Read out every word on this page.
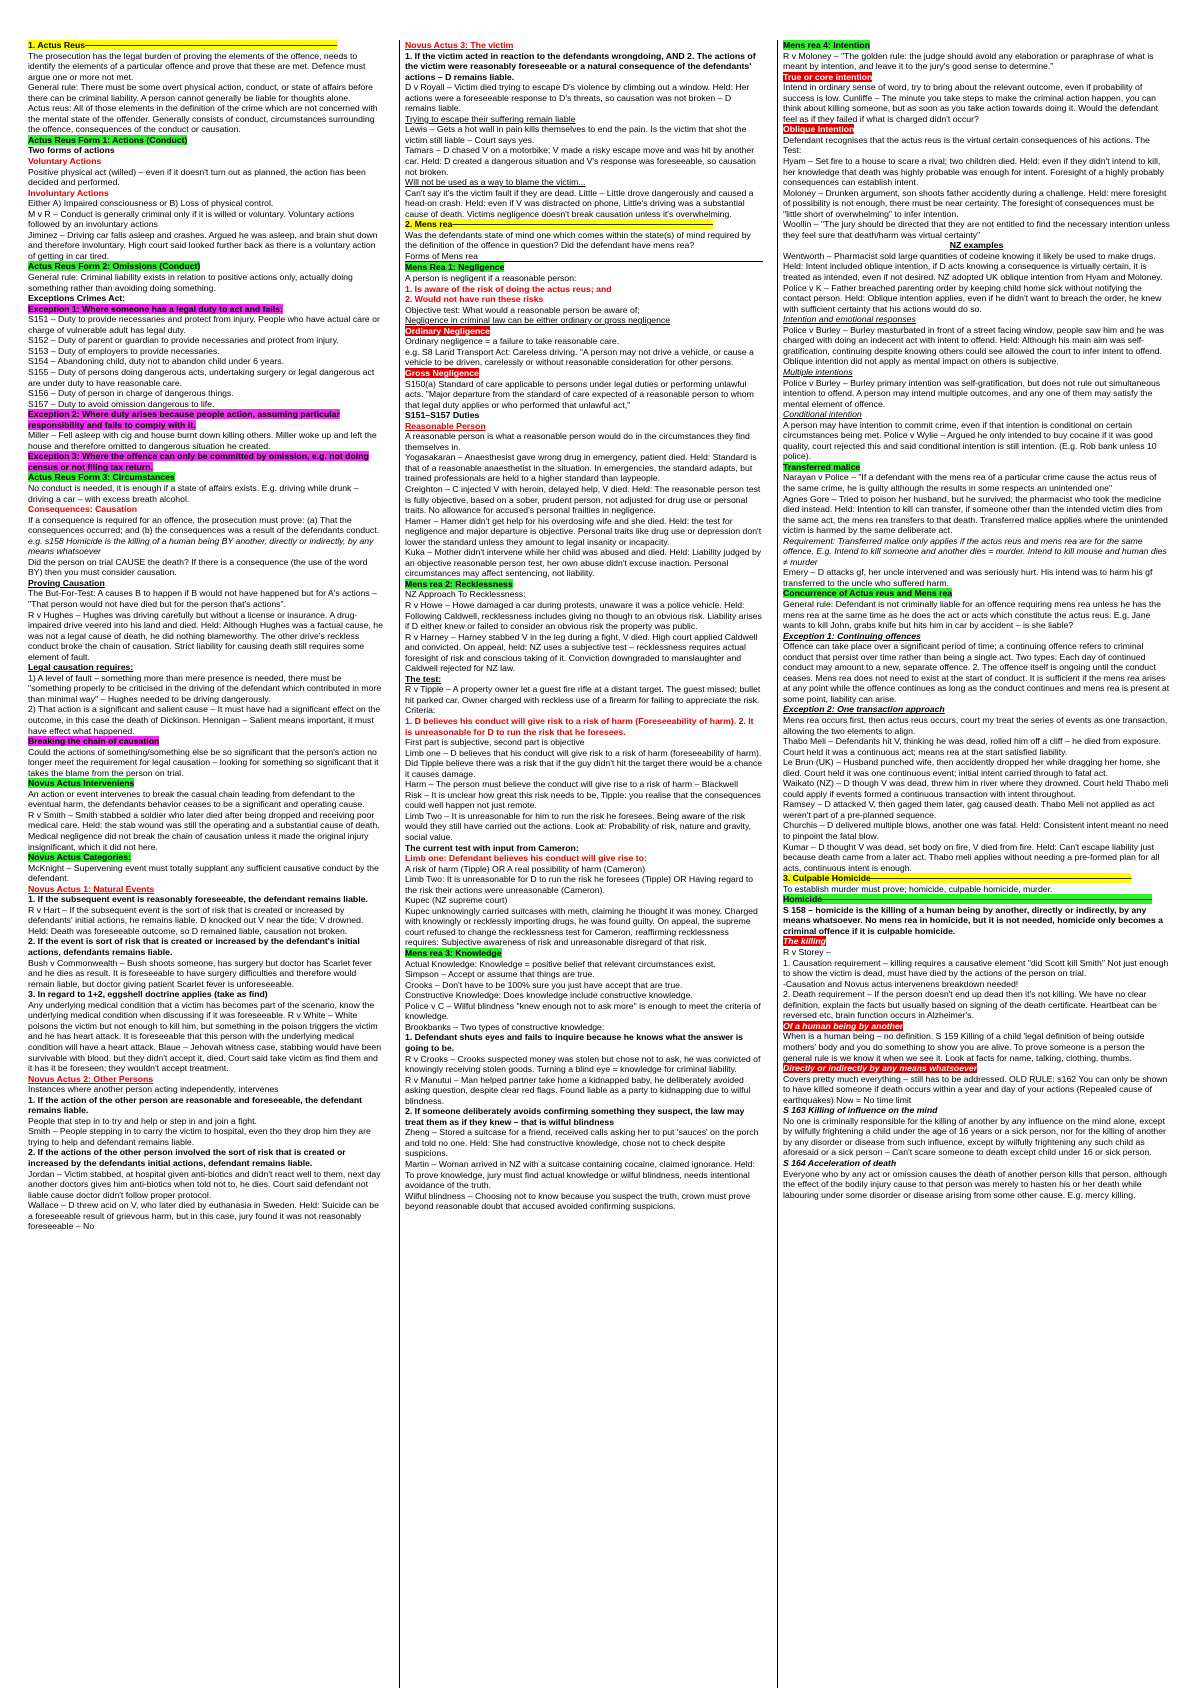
1. Actus Reus—————————————————————————————

The prosecution has the legal burden of proving the elements of the offence, needs to identify the elements of a particular offence and prove that these are met. Defence must argue one or more not met.

General rule: There must be some overt physical action, conduct, or state of affairs before there can be criminal liability. A person cannot generally be liable for thoughts alone.

Actus reus: All of those elements in the definition of the crime which are not concerned with the mental state of the offender. Generally consists of conduct, circumstances surrounding the offence, consequences of the conduct or causation.

Actus Reus Form 1: Actions (Conduct)

Two forms of actions

Voluntary Actions

Positive physical act (willed) – even if it doesn't turn out as planned, the action has been decided and performed.

Involuntary Actions

Either A) Impaired consciousness or B) Loss of physical control.

M v R – Conduct is generally criminal only if it is willed or voluntary. Voluntary actions followed by an involuntary actions

Jiminez – Driving car falls asleep and crashes. Argued he was asleep, and brain shut down and therefore involuntary. High court said looked further back as there is a voluntary action of getting in car tired.

Actus Reus Form 2: Omissions (Conduct)

General rule: Criminal liability exists in relation to positive actions only, actually doing something rather than avoiding doing something.

Exceptions Crimes Act:

Exception 1: Where someone has a legal duty to act and fails:

S151 – Duty to provide necessaries and protect from injury. People who have actual care or charge of vulnerable adult has legal duty.

S152 – Duty of parent or guardian to provide necessaries and protect from injury.

S153 – Duty of employers to provide necessaries.

S154 – Abandoning child, duty not to abandon child under 6 years.

S155 – Duty of persons doing dangerous acts, undertaking surgery or legal dangerous act are under duty to have reasonable care.

S156 – Duty of person in charge of dangerous things.

S157 – Duty to avoid omission dangerous to life.

Exception 2: Where duty arises because people action, assuming particular responsibility and fails to comply with it.

Miller – Fell asleep with cig and house burnt down killing others. Miller woke up and left the house and therefore omitted to dangerous situation he created.

Exception 3: Where the offence can only be committed by omission, e.g. not doing census or not filing tax return.

Actus Reus Form 3: Circumstances

No conduct is needed, it is enough if a state of affairs exists. E.g. driving while drunk – driving a car – with excess breath alcohol.

Consequences: Causation

If a consequence is required for an offence, the prosecution must prove: (a) That the consequences occurred; and (b) the consequences was a result of the defendants conduct.

e.g. s158 Homicide is the killing of a human being BY another, directly or indirectly, by any means whatsoever

Did the person on trial CAUSE the death? If there is a consequence (the use of the word BY) then you must consider causation.

Proving Causation

The But-For-Test: A causes B to happen if B would not have happened but for A's actions – "That person would not have died but for the person that's actions".

R v Hughes – Hughes was driving carefully but without a license or insurance. A drug-impaired drive veered into his land and died. Held: Although Hughes was a factual cause, he was not a legal cause of death, he did nothing blameworthy. The other drive's reckless conduct broke the chain of causation. Strict liability for causing death still requires some element of fault.

Legal causation requires:

1) A level of fault – something more than mere presence is needed, there must be "something properly to be criticised in the driving of the defendant which contributed in more than minimal way" – Hughes needed to be driving dangerously.

2) That action is a significant and salient cause – It must have had a significant effect on the outcome, in this case the death of Dickinson. Hennigan – Salient means important, it must have effect what happened.

Breaking the chain of causation

Could the actions of something/something else be so significant that the person's action no longer meet the requirement for legal causation – looking for something so significant that it takes the blame from the person on trial.

Novus Actus Interveniens

An action or event intervenes to break the casual chain leading from defendant to the eventual harm, the defendants behavior ceases to be a significant and operating cause.

R v Smith – Smith stabbed a soldier who later died after being dropped and receiving poor medical care. Held: the stab wound was still the operating and a substantial cause of death. Medical negligence did not break the chain of causation unless it made the original injury insignificant, which it did not here.

Novus Actus Categories:

McKnight – Supervening event must totally supplant any sufficient causative conduct by the defendant.

Novus Actus 1: Natural Events

1. If the subsequent event is reasonably foreseeable, the defendant remains liable.

R v Hart – If the subsequent event is the sort of risk that is created or increased by defendants' initial actions, he remains liable. D knocked out V near the tide; V drowned. Held: Death was foreseeable outcome, so D remained liable, causation not broken.

2. If the event is sort of risk that is created or increased by the defendant's initial actions, defendants remains liable.

Bush v Commonwealth – Bush shoots someone, has surgery but doctor has Scarlet fever and he dies as result. It is foreseeable to have surgery difficulties and therefore would remain liable, but doctor giving patient Scarlet fever is unforeseeable.

3. In regard to 1+2, eggshell doctrine applies (take as find)

Any underlying medical condition that a victim has becomes part of the scenario, know the underlying medical condition when discussing if it was foreseeable. R v White – White poisons the victim but not enough to kill him, but something in the poison triggers the victim and he has heart attack. It is foreseeable that this person with the underlying medical condition will have a heart attack. Blaue – Jehovah witness case, stabbing would have been survivable with blood, but they didn't accept it, died. Court said take victim as find them and it has it be foreseen; they wouldn't accept treatment.

Novus Actus 2: Other Persons

Instances where another person acting independently, intervenes

1. If the action of the other person are reasonable and foreseeable, the defendant remains liable.

People that step in to try and help or step in and join a fight.

Smith – People stepping in to carry the victim to hospital, even tho they drop him they are trying to help and defendant remains liable.

2. If the actions of the other person involved the sort of risk that is created or increased by the defendants initial actions, defendant remains liable.

Jordan – Victim stabbed, at hospital given anti-biotics and didn't react well to them, next day another doctors gives him anti-biotics when told not to, he dies. Court said defendant not liable cause doctor didn't follow proper protocol.

Wallace – D threw acid on V, who later died by euthanasia in Sweden. Held: Suicide can be a foreseeable result of grievous harm, but in this case, jury found it was not reasonably foreseeable – No

Novus Actus 3: The victim

1. If the victim acted in reaction to the defendants wrongdoing, AND 2. The actions of the victim were reasonably foreseeable or a natural consequence of the defendants' actions – D remains liable.

D v Royall – Victim died trying to escape D's violence by climbing out a window. Held: Her actions were a foreseeable response to D's threats, so causation was not broken – D remains liable.

Trying to escape their suffering remain liable

Lewis – Gets a hot wall in pain kills themselves to end the pain. Is the victim that shot the victim still liable – Court says yes.

Tamars – D chased V on a motorbike; V made a risky escape move and was hit by another car. Held: D created a dangerous situation and V's response was foreseeable, so causation not broken.

Will not be used as a way to blame the victim...

Can't say it's the victim fault if they are dead. Little – Little drove dangerously and caused a head-on crash. Held: even if V was distracted on phone, Little's driving was a substantial cause of death. Victims negligence doesn't break causation unless it's overwhelming.

2. Mens rea——————————————————————————————

Was the defendants state of mind one which comes within the state(s) of mind required by the definition of the offence in question? Did the defendant have mens rea?

Forms of Mens rea

Mens Rea 1: Negligence

A person is negligent if a reasonable person:

1. Is aware of the risk of doing the actus reus; and

2. Would not have run these risks

Objective test: What would a reasonable person be aware of;

Negligence in criminal law can be either ordinary or gross negligence

Ordinary Negligence

Ordinary negligence = a failure to take reasonable care.

e.g. S8 Land Transport Act: Careless driving. "A person may not drive a vehicle, or cause a vehicle to be driven, carelessly or without reasonable consideration for other persons.

Gross Negligence

S150(a) Standard of care applicable to persons under legal duties or performing unlawful acts. "Major departure from the standard of care expected of a reasonable person to whom that legal duty applies or who performed that unlawful act,"

S151–S157 Duties

Reasonable Person

A reasonable person is what a reasonable person would do in the circumstances they find themselves in.

Yogasakaran – Anaesthesist gave wrong drug in emergency, patient died. Held: Standard is that of a reasonable anaesthetist in the situation. In emergencies, the standard adapts, but trained professionals are held to a higher standard than laypeople.

Creighton – C injected V with heroin, delayed help, V died. Held: The reasonable person test is fully objective, based on a sober, prudent person, not adjusted for drug use or personal traits. No allowance for accused's personal frailties in negligence.

Hamer – Hamer didn't get help for his overdosing wife and she died. Held: the test for negligence and major departure is objective. Personal traits like drug use or depression don't lower the standard unless they amount to legal insanity or incapacity.

Kuka – Mother didn't intervene while her child was abused and died. Held: Liability judged by an objective reasonable person test, her own abuse didn't excuse inaction. Personal circumstances may affect sentencing, not liability.

Mens rea 2: Recklessness

NZ Approach To Recklessness:

R v Howe – Howe damaged a car during protests, unaware it was a police vehicle. Held: Following Caldwell, recklessness includes giving no though to an obvious risk. Liability arises if D either knew or failed to consider an obvious risk the property was public.

R v Harney – Harney stabbed V in the leg during a fight, V died. High court applied Caldwell and convicted. On appeal, held: NZ uses a subjective test – recklessness requires actual foresight of risk and conscious taking of it. Conviction downgraded to manslaughter and Caldwell rejected for NZ law.

The test:

R v Tipple – A property owner let a guest fire rifle at a distant target. The guest missed; bullet hit parked car. Owner charged with reckless use of a firearm for failing to appreciate the risk. Criteria:

1. D believes his conduct will give risk to a risk of harm (Foreseeability of harm). 2. It is unreasonable for D to run the risk that he foresees.

First part is subjective, second part is objective

Limb one – D believes that his conduct will give risk to a risk of harm (foreseeability of harm). Did Tipple believe there was a risk that if the guy didn't hit the target there would be a chance it causes damage.

Harm – The person must believe the conduct will give rise to a risk of harm – Blackwell

Risk – It is unclear how great this risk needs to be, Tipple: you realise that the consequences could well happen not just remote.

Limb Two – It is unreasonable for him to run the risk he foresees. Being aware of the risk would they still have carried out the actions. Look at: Probability of risk, nature and gravity, social value.

The current test with input from Cameron:

Limb one: Defendant believes his conduct will give rise to:

A risk of harm (Tipple) OR A real possibility of harm (Cameron)

Limb Two: It is unreasonable for D to run the risk he foresees (Tipple) OR Having regard to the risk their actions were unreasonable (Cameron).

Kupec (NZ supreme court)

Kupec unknowingly carried suitcases with meth, claiming he thought it was money. Charged with knowingly or recklessly importing drugs, he was found guilty. On appeal, the supreme court refused to change the recklessness test for Cameron, reaffirming recklessness requires: Subjective awareness of risk and unreasonable disregard of that risk.

Mens rea 3: Knowledge

Actual Knowledge: Knowledge = positive belief that relevant circumstances exist.

Simpson – Accept or assume that things are true.

Crooks – Don't have to be 100% sure you just have accept that are true.

Constructive Knowledge: Does knowledge include constructive knowledge.

Police v C – Wilful blindness "knew enough not to ask more" is enough to meet the criteria of knowledge.

Brookbanks – Two types of constructive knowledge:

1. Defendant shuts eyes and fails to inquire because he knows what the answer is going to be.

R v Crooks – Crooks suspected money was stolen but chose not to ask, he was convicted of knowingly receiving stolen goods. Turning a blind eye = knowledge for criminal liability.

R v Manutui – Man helped partner take home a kidnapped baby, he deliberately avoided asking question, despite clear red flags. Found liable as a party to kidnapping due to wilful blindness.

2. If someone deliberately avoids confirming something they suspect, the law may treat them as if they knew – that is wilful blindness

Zheng – Stored a suitcase for a friend, received calls asking her to put 'sauces' on the porch and told no one. Held: She had constructive knowledge, chose not to check despite suspicions.

Martin – Woman arrived in NZ with a suitcase containing cocaine, claimed ignorance. Held: To prove knowledge, jury must find actual knowledge or wilful blindness, needs intentional avoidance of the truth.

Wilful blindness – Choosing not to know because you suspect the truth, crown must prove beyond reasonable doubt that accused avoided confirming suspicions.

Mens rea 4: Intention

R v Moloney – "The golden rule: the judge should avoid any elaboration or paraphrase of what is meant by intention, and leave it to the jury's good sense to determine."

True or core intention

Intend in ordinary sense of word, try to bring about the relevant outcome, even if probability of success is low. Cunliffe – The minute you take steps to make the criminal action happen, you can think about killing someone, but as soon as you take action towards doing it. Would the defendant feel as if they failed if what is charged didn't occur?

Oblique Intention

Defendant recognises that the actus reus is the virtual certain consequences of his actions. The Test:

Hyam – Set fire to a house to scare a rival; two children died. Held: even if they didn't intend to kill, her knowledge that death was highly probable was enough for intent. Foresight of a highly probably consequences can establish intent.

Moloney – Drunken argument, son shoots father accidently during a challenge. Held: mere foresight of possibility is not enough, there must be near certainty. The foresight of consequences must be "little short of overwhelming" to infer intention.

Woollin – "The jury should be directed that they are not entitled to find the necessary intention unless they feel sure that death/harm was virtual certainty"

NZ examples

Wentworth – Pharmacist sold large quantities of codeine knowing it likely be used to make drugs. Held: Intent included oblique intention, if D acts knowing a consequence is virtually certain, it is treated as intended, even if not desired. NZ adopted UK oblique intention from Hyam and Moloney.

Police v K – Father breached parenting order by keeping child home sick without notifying the contact person. Held: Oblique intention applies, even if he didn't want to breach the order, he knew with sufficient certainty that his actions would do so.

Intention and emotional responses

Police v Burley – Burley masturbated in front of a street facing window, people saw him and he was charged with doing an indecent act with intent to offend. Held: Although his main aim was self-gratification, continuing despite knowing others could see allowed the court to infer intent to offend. Oblique intention did not apply as mental impact on others is subjective.

Multiple intentions

Police v Burley – Burley primary intention was self-gratification, but does not rule out simultaneous intention to offend. A person may intend multiple outcomes, and any one of them may satisfy the mental element of offence.

Conditional intention

A person may have intention to commit crime, even if that intention is conditional on certain circumstances being met. Police v Wylie – Argued he only intended to buy cocaine if it was good quality, court rejected this and said conditional intention is still intention. (E.g. Rob bank unless 10 police).

Transferred malice

Narayan v Police – "If a defendant with the mens rea of a particular crime cause the actus reus of the same crime, he is guilty although the results in some respects an unintended one"

Agnes Gore – Tried to poison her husband, but he survived; the pharmacist who took the medicine died instead. Held: Intention to kill can transfer, if someone other than the intended victim dies from the same act, the mens rea transfers to that death. Transferred malice applies where the unintended victim is harmed by the same deliberate act.

Requirement: Transferred malice only applies if the actus reus and mens rea are for the same offence. E.g. Intend to kill someone and another dies = murder. Intend to kill mouse and human dies ≠ murder

Emery – D attacks gf, her uncle intervened and was seriously hurt. His intend was to harm his gf transferred to the uncle who suffered harm.

Concurrence of Actus reus and Mens rea

General rule: Defendant is not criminally liable for an offence requiring mens rea unless he has the mens rea at the same time as he does the act or acts which constitute the actus reus. E.g. Jane wants to kill John, grabs knife but hits him in car by accident – is she liable?

Exception 1: Continuing offences

Offence can take place over a significant period of time; a continuing offence refers to criminal conduct that persist over time rather than being a single act. Two types: Each day of continued conduct may amount to a new, separate offence. 2. The offence itself is ongoing until the conduct ceases. Mens rea does not need to exist at the start of conduct. It is sufficient if the mens rea arises at any point while the offence continues as long as the conduct continues and mens rea is present at some point, liability can arise.

Exception 2: One transaction approach

Mens rea occurs first, then actus reus occurs, court my treat the series of events as one transaction, allowing the two elements to align.

Thabo Meli – Defendants hit V, thinking he was dead, rolled him off a cliff – he died from exposure. Court held it was a continuous act; means rea at the start satisfied liability.

Le Brun (UK) – Husband punched wife, then accidently dropped her while dragging her home, she died. Court held it was one continuous event; initial intent carried through to fatal act.

Waikato (NZ) – D though V was dead, threw him in river where they drowned. Court held Thabo meli could apply if events formed a continuous transaction with intent throughout.

Ramsey – D attacked V, then gaged them later, gag caused death. Thabo Meli not applied as act weren't part of a pre-planned sequence.

Churchis – D delivered multiple blows, another one was fatal. Held: Consistent intent meant no need to pinpoint the fatal blow.

Kumar – D thought V was dead, set body on fire, V died from fire. Held: Can't escape liability just because death came from a later act. Thabo meli applies without needing a pre-formed plan for all acts, continuous intent is enough.

3. Culpable Homicide——————————————————————————————

To establish murder must prove; homicide, culpable homicide, murder.

Homicide——————————————————————————————————————

S 158 – homicide is the killing of a human being by another, directly or indirectly, by any means whatsoever. No mens rea in homicide, but it is not needed, homicide only becomes a criminal offence if it is culpable homicide.

The killing

R v Storey –

1. Causation requirement – killing requires a causative element "did Scott kill Smith" Not just enough to show the victim is dead, must have died by the actions of the person on trial.

-Causation and Novus actus intervenens breakdown needed!

2. Death requirement – If the person doesn't end up dead then it's not killing. We have no clear definition, explain the facts but usually based on signing of the death certificate. Heartbeat can be reversed etc, brain function occurs in Alzheimer's.

Of a human being by another

When is a human being – no definition. S 159 Killing of a child 'legal definition of being outside mothers' body and you do something to show you are alive. To prove someone is a person the general rule is we know it when we see it. Look at facts for name, talking, clothing, thumbs.

Directly or indirectly by any means whatsoever

Covers pretty much everything – still has to be addressed. OLD RULE: s162 You can only be shown to have killed someone if death occurs within a year and day of your actions (Repealed cause of earthquakes) Now = No time limit

S 163 Killing of influence on the mind

No one is criminally responsible for the killing of another by any influence on the mind alone, except by wilfully frightening a child under the age of 16 years or a sick person, nor for the killing of another by any disorder or disease from such influence, except by wilfully frightening any such child as aforesaid or a sick person – Can't scare someone to death except child under 16 or sick person.

S 164 Acceleration of death

Everyone who by any act or omission causes the death of another person kills that person, although the effect of the bodily injury cause to that person was merely to hasten his or her death while labouring under some disorder or disease arising from some other cause. E.g. mercy killing.
